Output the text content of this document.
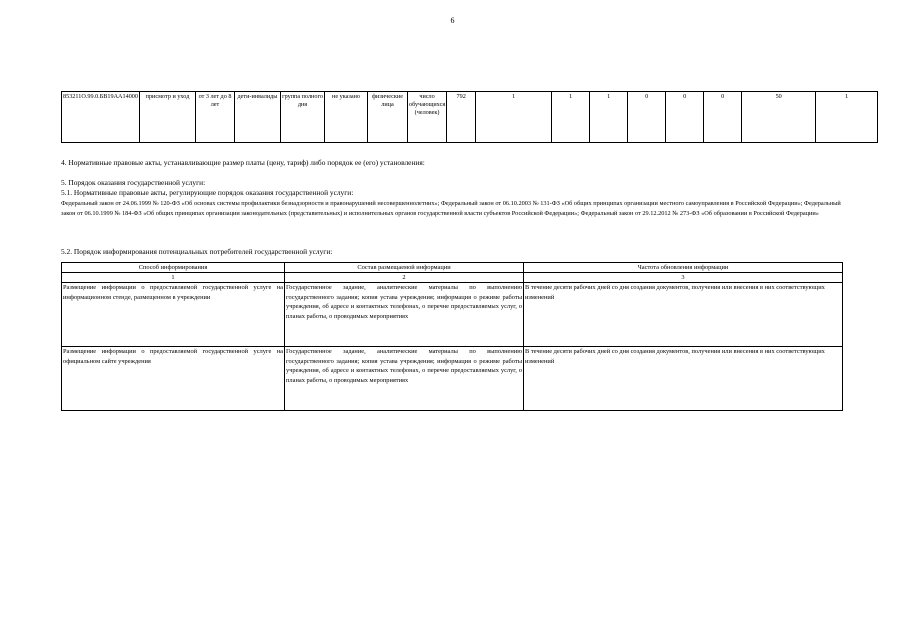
6
853211О.99.0.БВ19АА14000	присмотр и уход	от 3 лет до 8 лет	дети-инвалиды	группа полного дня	не указано	физические лица	число обучающихся (человек)	792	1	1	1	0	0	0	50	1
4. Нормативные правовые акты, устанавливающие размер платы (цену, тариф) либо порядок ее (его) установления:
5. Порядок оказания государственной услуги:
5.1. Нормативные правовые акты, регулирующие порядок оказания государственной услуги:
Федеральный закон от 24.06.1999 № 120-ФЗ «Об основах системы профилактики безнадзорности и правонарушений несовершеннолетних»; Федеральный закон от 06.10.2003 № 131-ФЗ «Об общих принципах организации местного самоуправления в Российской Федерации»; Федеральный закон от 06.10.1999 № 184-ФЗ «Об общих принципах организации законодательных (представительных) и исполнительных органов государственной власти субъектов Российской Федерации»; Федеральный закон от 29.12.2012 № 273-ФЗ «Об образовании в Российской Федерации»
5.2. Порядок информирования потенциальных потребителей государственной услуги:
Способ информирования	Состав размещаемой информации	Частота обновления информации
1	2	3
Размещение информации о предоставляемой государственной услуге на информационном стенде, размещенном в учреждении	Государственное задание, аналитические материалы по выполнению государственного задания; копия устава учреждения; информация о режиме работы учреждения, об адресе и контактных телефонах, о перечне предоставляемых услуг, о планах работы, о проводимых мероприятиях	В течение десяти рабочих дней со дня создания документов, получения или внесения в них соответствующих изменений
Размещение информации о предоставляемой государственной услуге на официальном сайте учреждения	Государственное задание, аналитические материалы по выполнению государственного задания; копия устава учреждения; информация о режиме работы учреждения, об адресе и контактных телефонах, о перечне предоставляемых услуг, о планах работы, о проводимых мероприятиях	В течение десяти рабочих дней со дня создания документов, получения или внесения в них соответствующих изменений
